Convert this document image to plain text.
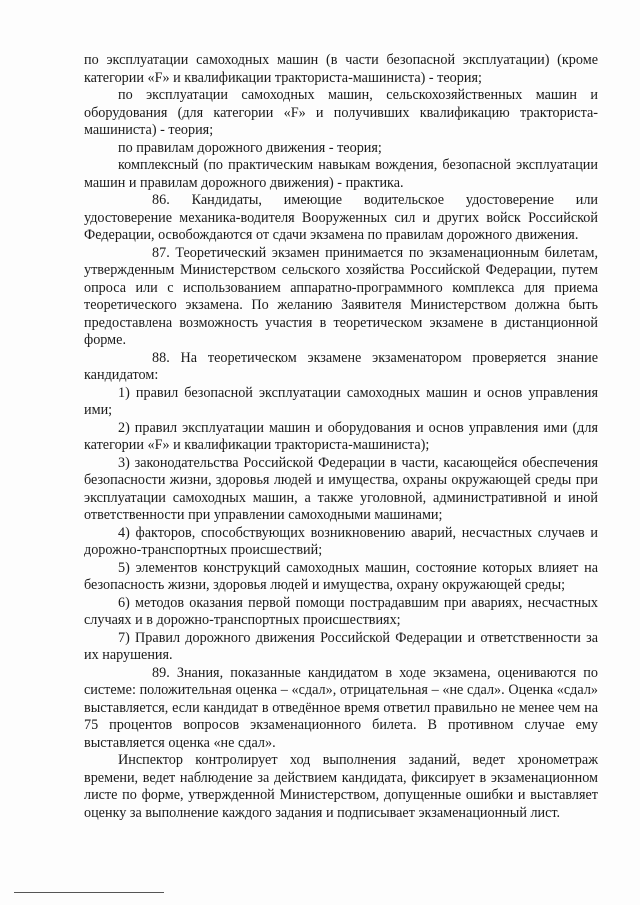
по эксплуатации самоходных машин (в части безопасной эксплуатации) (кроме категории «F» и квалификации тракториста-машиниста) - теория;

по эксплуатации самоходных машин, сельскохозяйственных машин и оборудования (для категории «F» и получивших квалификацию тракториста-машиниста) - теория;

по правилам дорожного движения - теория;

комплексный (по практическим навыкам вождения, безопасной эксплуатации машин и правилам дорожного движения) - практика.

86. Кандидаты, имеющие водительское удостоверение или удостоверение механика-водителя Вооруженных сил и других войск Российской Федерации, освобождаются от сдачи экзамена по правилам дорожного движения.

87. Теоретический экзамен принимается по экзаменационным билетам, утвержденным Министерством сельского хозяйства Российской Федерации, путем опроса или с использованием аппаратно-программного комплекса для приема теоретического экзамена. По желанию Заявителя Министерством должна быть предоставлена возможность участия в теоретическом экзамене в дистанционной форме.

88. На теоретическом экзамене экзаменатором проверяется знание кандидатом:

1) правил безопасной эксплуатации самоходных машин и основ управления ими;

2) правил эксплуатации машин и оборудования и основ управления ими (для категории «F» и квалификации тракториста-машиниста);

3) законодательства Российской Федерации в части, касающейся обеспечения безопасности жизни, здоровья людей и имущества, охраны окружающей среды при эксплуатации самоходных машин, а также уголовной, административной и иной ответственности при управлении самоходными машинами;

4) факторов, способствующих возникновению аварий, несчастных случаев и дорожно-транспортных происшествий;

5) элементов конструкций самоходных машин, состояние которых влияет на безопасность жизни, здоровья людей и имущества, охрану окружающей среды;

6) методов оказания первой помощи пострадавшим при авариях, несчастных случаях и в дорожно-транспортных происшествиях;

7) Правил дорожного движения Российской Федерации и ответственности за их нарушения.

89. Знания, показанные кандидатом в ходе экзамена, оцениваются по системе: положительная оценка – «сдал», отрицательная – «не сдал». Оценка «сдал» выставляется, если кандидат в отведённое время ответил правильно не менее чем на 75 процентов вопросов экзаменационного билета. В противном случае ему выставляется оценка «не сдал».

Инспектор контролирует ход выполнения заданий, ведет хронометраж времени, ведет наблюдение за действием кандидата, фиксирует в экзаменационном листе по форме, утвержденной Министерством, допущенные ошибки и выставляет оценку за выполнение каждого задания и подписывает экзаменационный лист.
